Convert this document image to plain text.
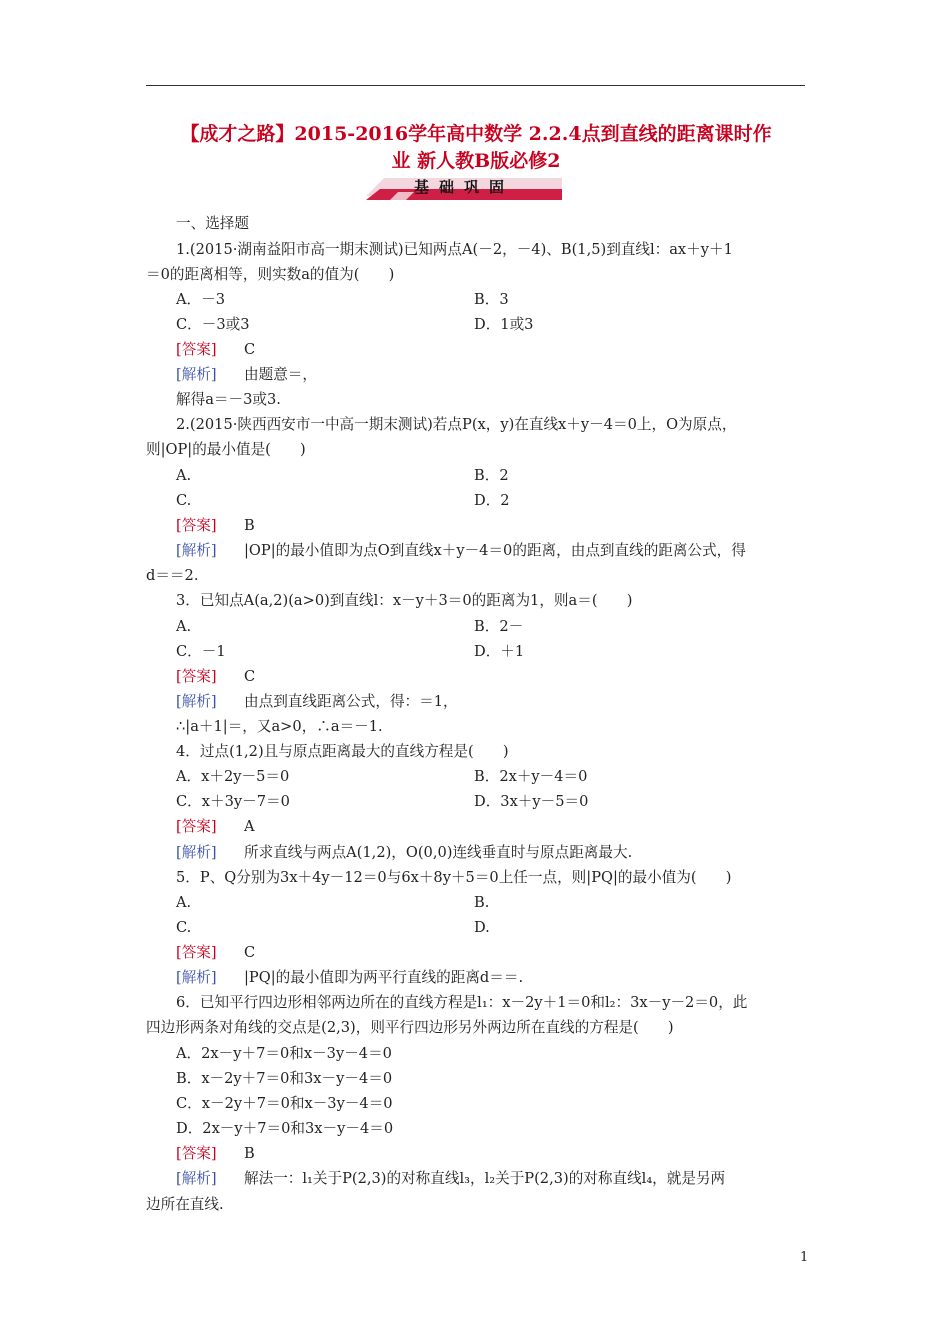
【成才之路】2015-2016学年高中数学 2.2.4点到直线的距离课时作
业 新人教B版必修2
基础巩固
一、选择题
1.(2015·湖南益阳市高一期末测试)已知两点A(－2，－4)、B(1,5)到直线l：ax＋y＋1
＝0的距离相等，则实数a的值为(　　)
A．－3	B．3
C．－3或3	D．1或3
[答案] C
[解析] 由题意＝，
解得a＝－3或3.
2.(2015·陕西西安市一中高一期末测试)若点P(x，y)在直线x＋y－4＝0上，O为原点，
则|OP|的最小值是(　　)
A.	B．2
C.	D．2
[答案] B
[解析] |OP|的最小值即为点O到直线x＋y－4＝0的距离，由点到直线的距离公式，得
d＝＝2.
3．已知点A(a,2)(a>0)到直线l：x－y＋3＝0的距离为1，则a＝(　　)
A.	B．2－
C．－1	D．＋1
[答案] C
[解析] 由点到直线距离公式，得：＝1，
∴|a＋1|＝，又a>0，∴a＝－1.
4．过点(1,2)且与原点距离最大的直线方程是(　　)
A．x＋2y－5＝0	B．2x＋y－4＝0
C．x＋3y－7＝0	D．3x＋y－5＝0
[答案] A
[解析] 所求直线与两点A(1,2)，O(0,0)连线垂直时与原点距离最大.
5．P、Q分别为3x＋4y－12＝0与6x＋8y＋5＝0上任一点，则|PQ|的最小值为(　　)
A.	B.
C.	D.
[答案] C
[解析] |PQ|的最小值即为两平行直线的距离d＝＝.
6．已知平行四边形相邻两边所在的直线方程是l₁：x－2y＋1＝0和l₂：3x－y－2＝0，此
四边形两条对角线的交点是(2,3)，则平行四边形另外两边所在直线的方程是(　　)
A．2x－y＋7＝0和x－3y－4＝0
B．x－2y＋7＝0和3x－y－4＝0
C．x－2y＋7＝0和x－3y－4＝0
D．2x－y＋7＝0和3x－y－4＝0
[答案] B
[解析] 解法一：l₁关于P(2,3)的对称直线l₃，l₂关于P(2,3)的对称直线l₄，就是另两
边所在直线.
1
